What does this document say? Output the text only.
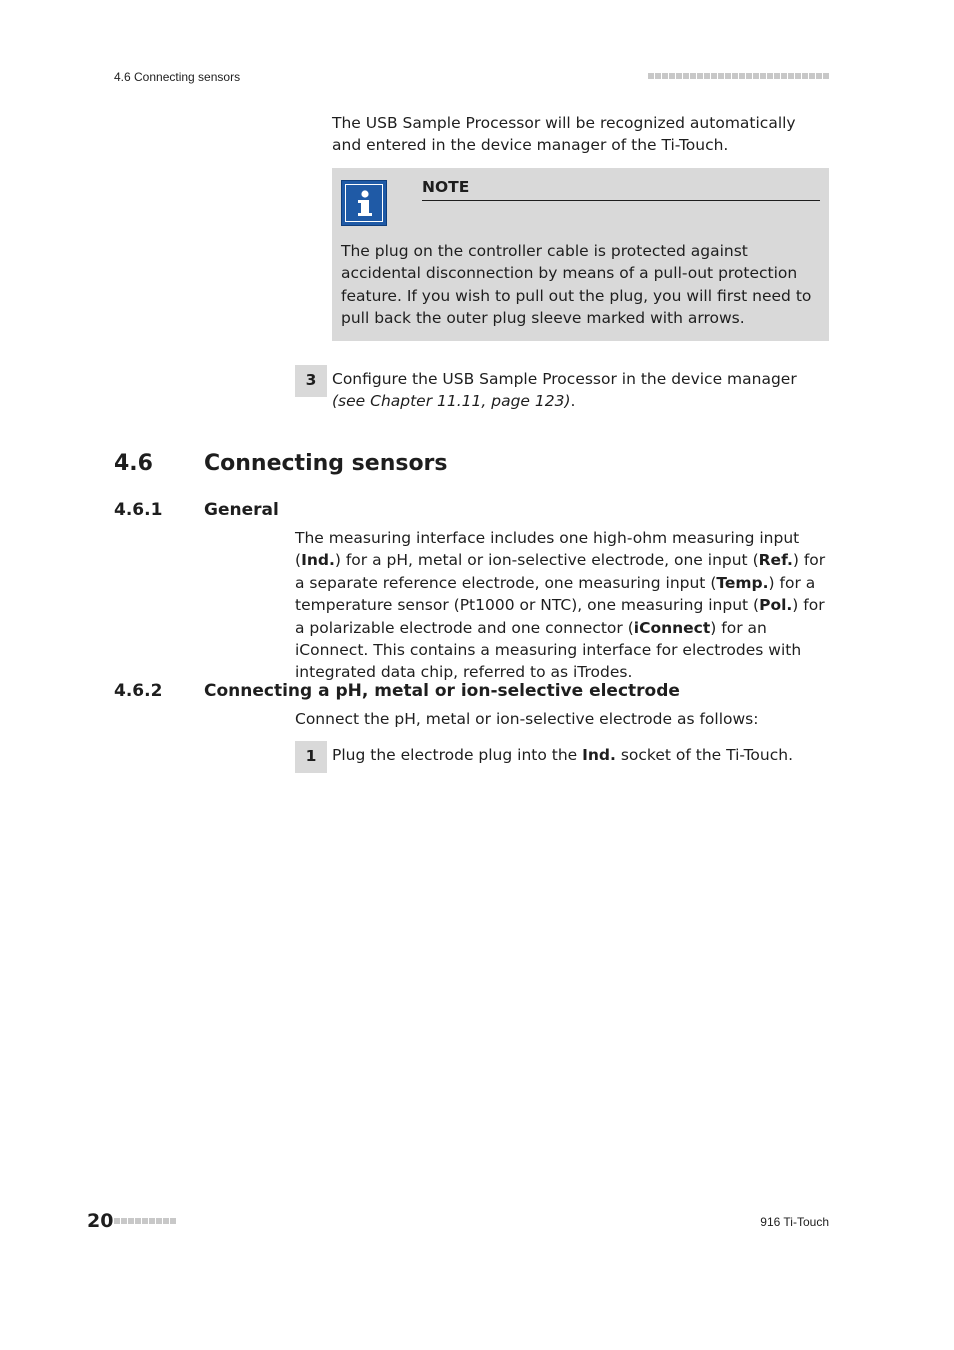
4.6 Connecting sensors
The USB Sample Processor will be recognized automatically and entered in the device manager of the Ti-Touch.
NOTE
The plug on the controller cable is protected against accidental disconnection by means of a pull-out protection feature. If you wish to pull out the plug, you will first need to pull back the outer plug sleeve marked with arrows.
3	Configure the USB Sample Processor in the device manager (see Chapter 11.11, page 123).
4.6 Connecting sensors
4.6.1 General
The measuring interface includes one high-ohm measuring input (Ind.) for a pH, metal or ion-selective electrode, one input (Ref.) for a separate reference electrode, one measuring input (Temp.) for a temperature sensor (Pt1000 or NTC), one measuring input (Pol.) for a polarizable electrode and one connector (iConnect) for an iConnect. This contains a measuring interface for electrodes with integrated data chip, referred to as iTrodes.
4.6.2 Connecting a pH, metal or ion-selective electrode
Connect the pH, metal or ion-selective electrode as follows:
1	Plug the electrode plug into the Ind. socket of the Ti-Touch.
20	916 Ti-Touch
